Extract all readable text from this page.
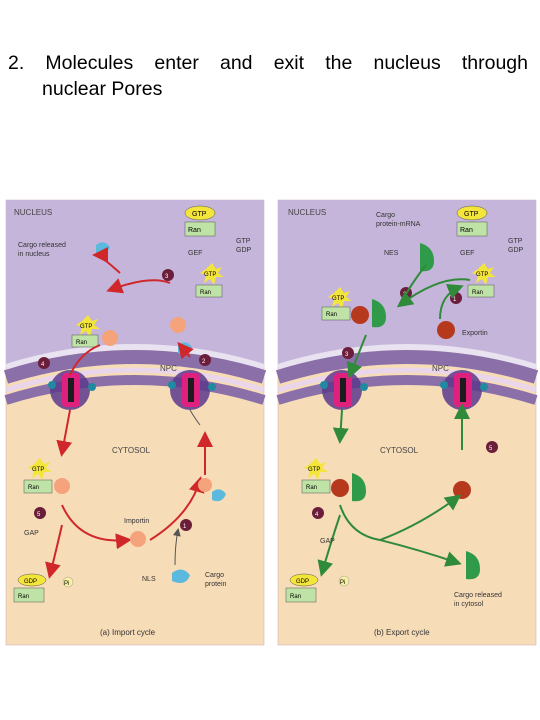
2. Molecules enter and exit the nucleus through
nuclear Pores
NUCLEUS
CYTOSOL
NPC
GTP
Ran
GEF
GTP GDP
Cargo released in nucleus
GTP
Ran
3
GTP
Ran
2
4
GTP
Ran
5
GAP
Importin
1
NLS
Cargo protein
GDP
Ran
Pi
(a) Import cycle
NUCLEUS
CYTOSOL
NPC
Cargo protein-mRNA
NES
GTP
Ran
GEF
GTP GDP
GTP
Ran
1
2
GTP
Ran
Exportin
3
5
GTP
Ran
4
GAP
Cargo released in cytosol
GDP
Ran
Pi
(b) Export cycle
